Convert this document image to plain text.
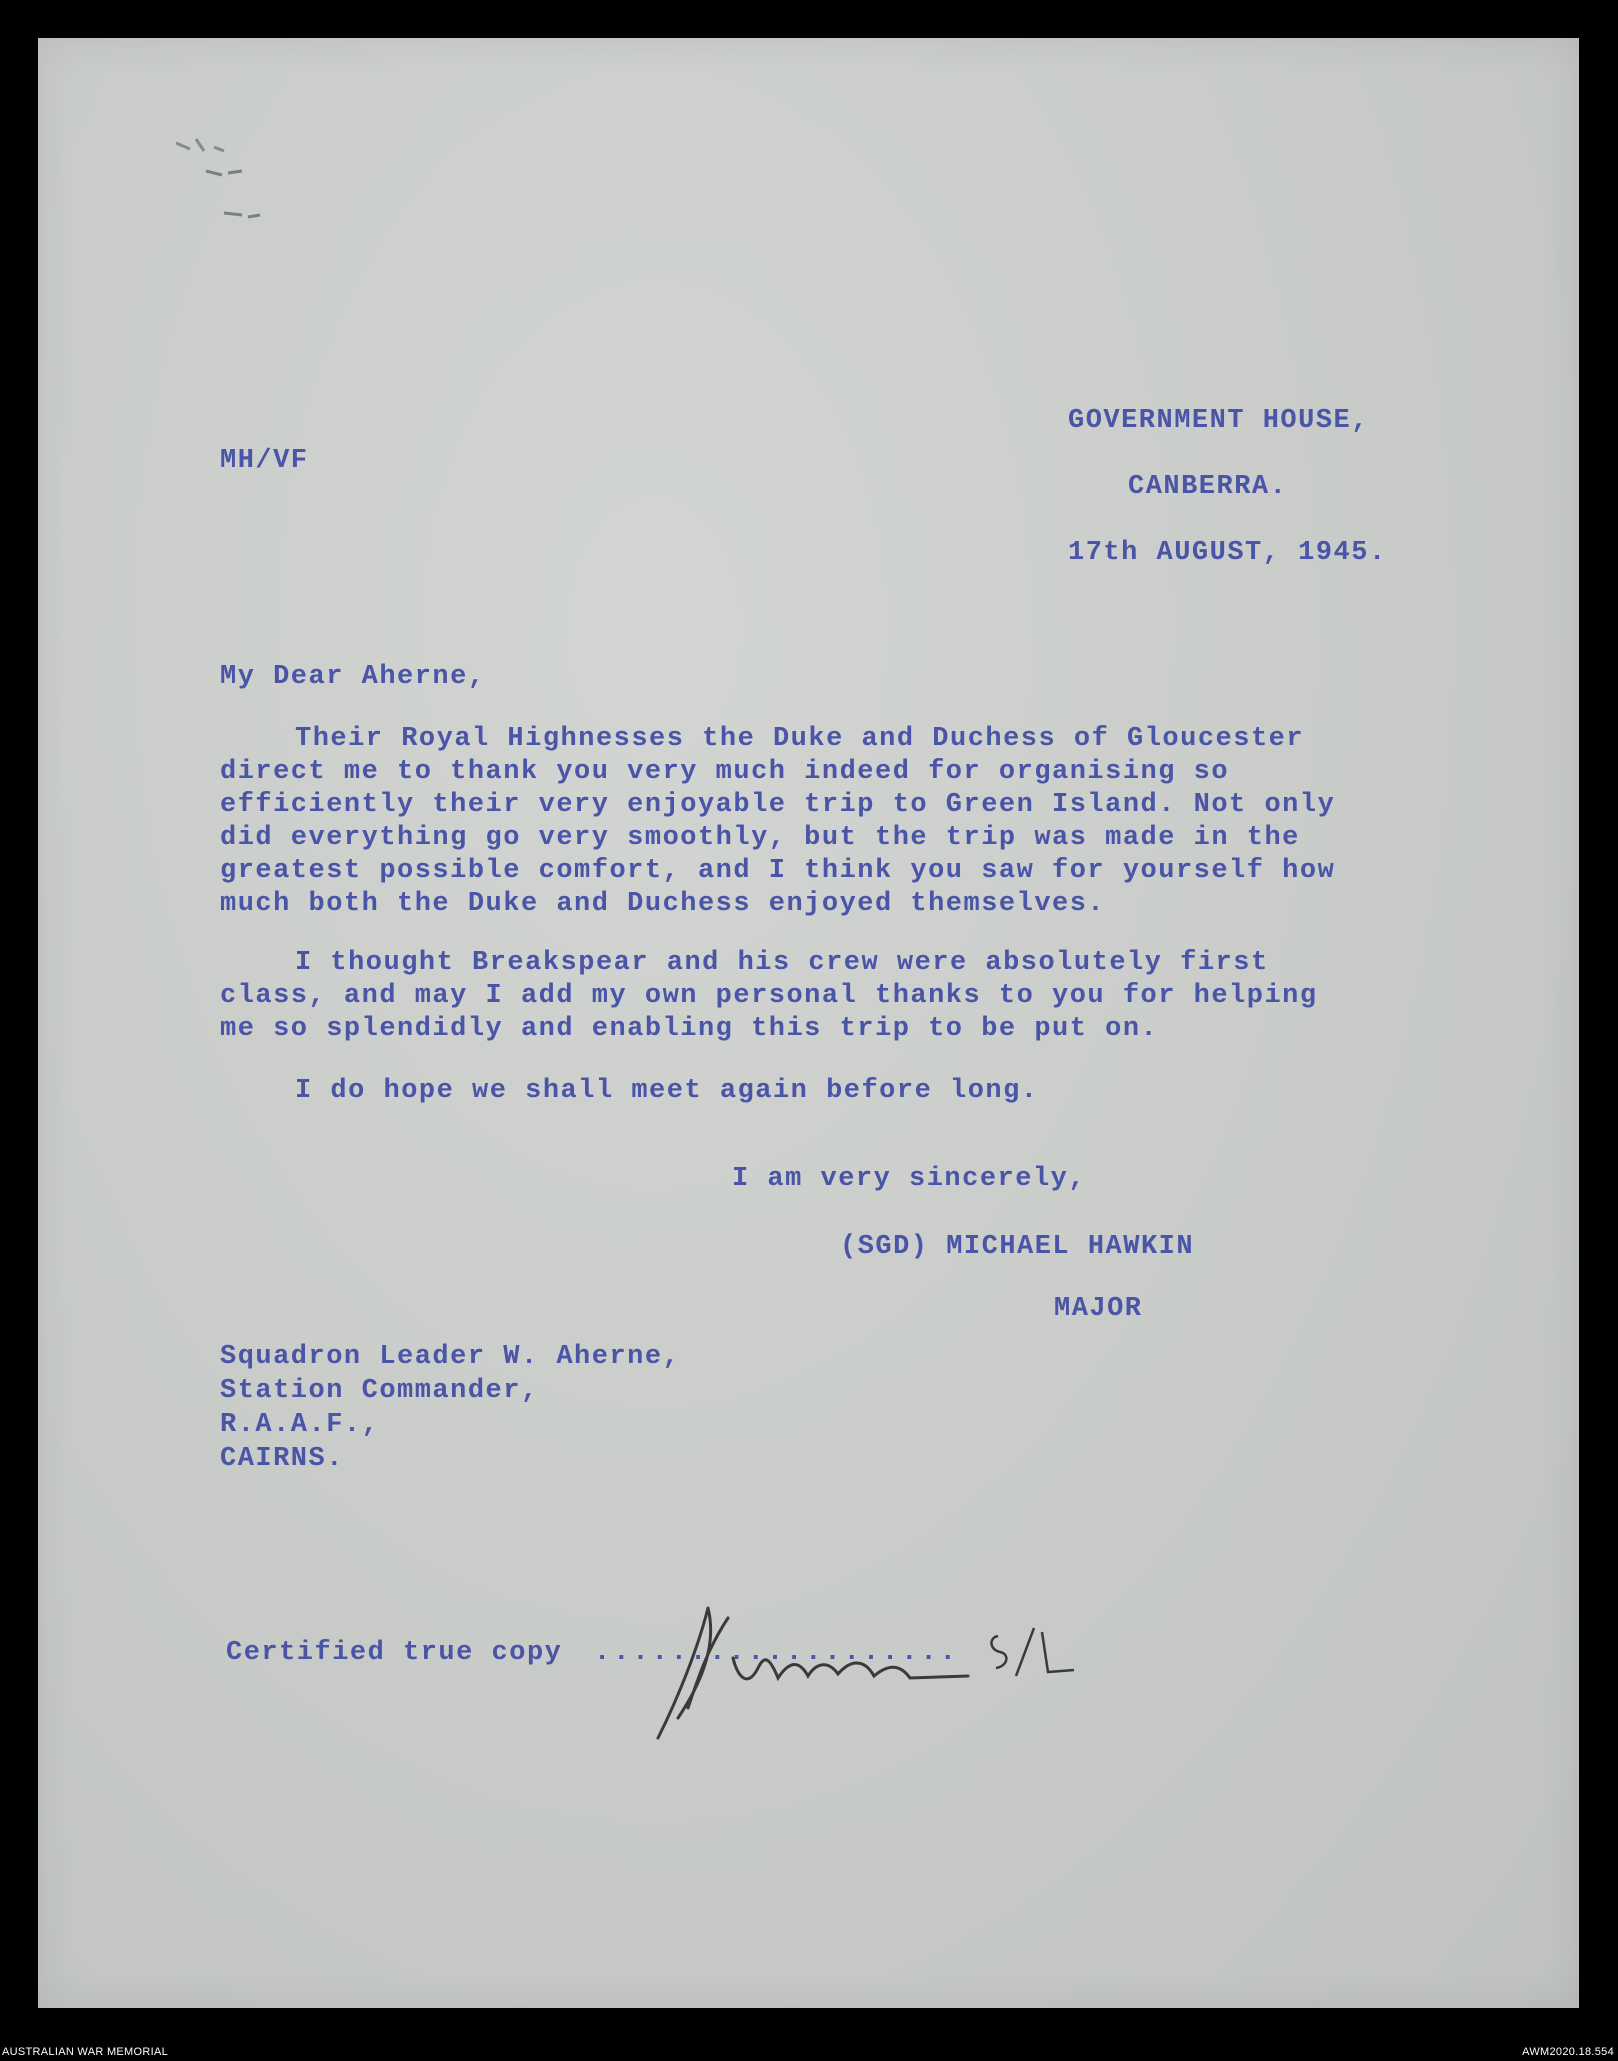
MH/VF
GOVERNMENT HOUSE,
CANBERRA.
17th AUGUST, 1945.
My Dear Aherne,
Their Royal Highnesses the Duke and Duchess of Gloucester
direct me to thank you very much indeed for organising so
efficiently their very enjoyable trip to Green Island. Not only
did everything go very smoothly, but the trip was made in the
greatest possible comfort, and I think you saw for yourself how
much both the Duke and Duchess enjoyed themselves.
I thought Breakspear and his crew were absolutely first
class, and may I add my own personal thanks to you for helping
me so splendidly and enabling this trip to be put on.
I do hope we shall meet again before long.
I am very sincerely,
(SGD) MICHAEL HAWKIN
MAJOR
Squadron Leader W. Aherne,
Station Commander,
R.A.A.F.,
CAIRNS.
Certified true copy ...................
AUSTRALIAN WAR MEMORIAL	AWM2020.18.554
